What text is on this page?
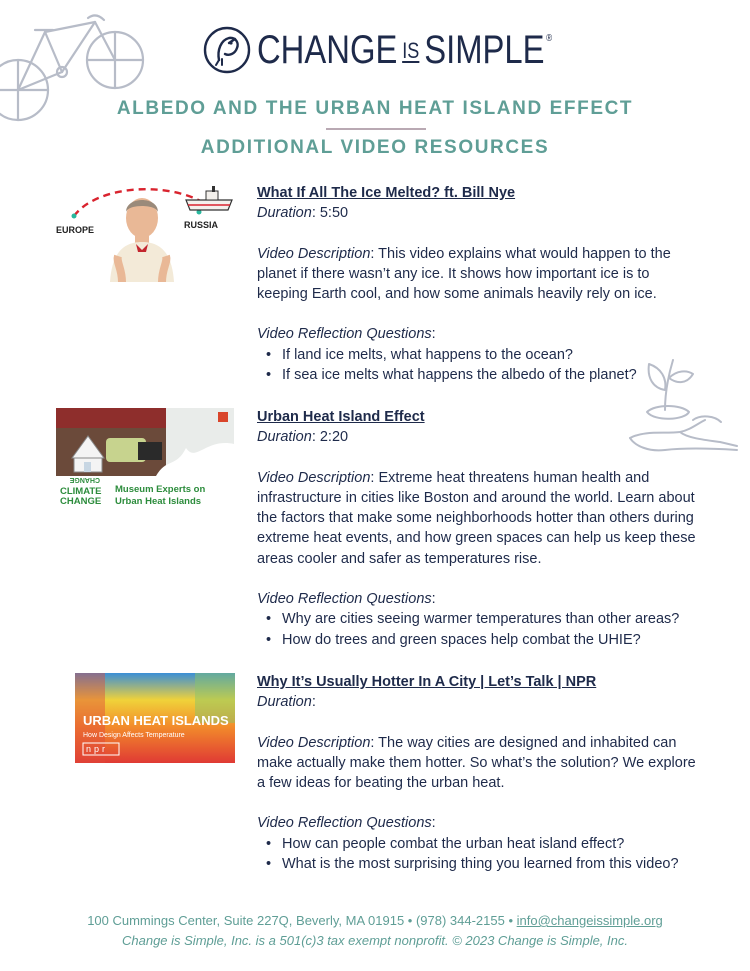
CHANGE IS SIMPLE ®
ALBEDO AND THE URBAN HEAT ISLAND EFFECT
ADDITIONAL VIDEO RESOURCES
EUROPE	RUSSIA
What If All The Ice Melted? ft. Bill Nye
Duration: 5:50
Video Description: This video explains what would happen to the planet if there wasn’t any ice. It shows how important ice is to keeping Earth cool, and how some animals heavily rely on ice.
Video Reflection Questions:
• If land ice melts, what happens to the ocean?
• If sea ice melts what happens the albedo of the planet?
CHANGE
CLIMATE
CHANGE
Museum Experts on
Urban Heat Islands
Urban Heat Island Effect
Duration: 2:20
Video Description: Extreme heat threatens human health and infrastructure in cities like Boston and around the world. Learn about the factors that make some neighborhoods hotter than others during extreme heat events, and how green spaces can help us keep these areas cooler and safer as temperatures rise.
Video Reflection Questions:
• Why are cities seeing warmer temperatures than other areas?
• How do trees and green spaces help combat the UHIE?
URBAN HEAT ISLANDS
How Design Affects Temperature
npr
Why It’s Usually Hotter In A City | Let’s Talk | NPR
Duration:
Video Description: The way cities are designed and inhabited can make actually make them hotter. So what’s the solution? We explore a few ideas for beating the urban heat.
Video Reflection Questions:
• How can people combat the urban heat island effect?
• What is the most surprising thing you learned from this video?
100 Cummings Center, Suite 227Q, Beverly, MA 01915 • (978) 344-2155 • info@changeissimple.org
Change is Simple, Inc. is a 501(c)3 tax exempt nonprofit. © 2023 Change is Simple, Inc.
